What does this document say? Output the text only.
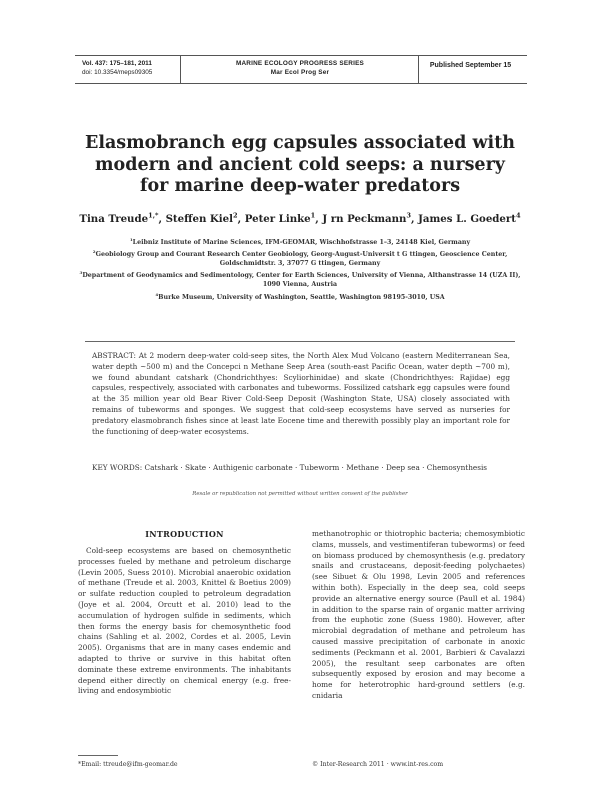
Vol. 437: 175–181, 2011
doi: 10.3354/meps09305
MARINE ECOLOGY PROGRESS SERIES
Mar Ecol Prog Ser
Published September 15
Elasmobranch egg capsules associated with modern and ancient cold seeps: a nursery for marine deep-water predators
Tina Treude$^{1,*}$, Steffen Kiel$^2$, Peter Linke$^1$, J rn Peckmann$^3$, James L. Goedert$^4$
$^1$Leibniz Institute of Marine Sciences, IFM-GEOMAR, Wischhofstrasse 1–3, 24148 Kiel, Germany
$^2$Geobiology Group and Courant Research Center Geobiology, Georg-August-Universit t G ttingen, Geoscience Center, Goldschmidtstr. 3, 37077 G ttingen, Germany
$^3$Department of Geodynamics and Sedimentology, Center for Earth Sciences, University of Vienna, Althanstrasse 14 (UZA II), 1090 Vienna, Austria
$^4$Burke Museum, University of Washington, Seattle, Washington 98195-3010, USA
ABSTRACT: At 2 modern deep-water cold-seep sites, the North Alex Mud Volcano (eastern Mediterranean Sea, water depth ~500 m) and the Concepci n Methane Seep Area (south-east Pacific Ocean, water depth ~700 m), we found abundant catshark (Chondrichthyes: Scyliorhinidae) and skate (Chondrichthyes: Rajidae) egg capsules, respectively, associated with carbonates and tubeworms. Fossilized catshark egg capsules were found at the 35 million year old Bear River Cold-Seep Deposit (Washington State, USA) closely associated with remains of tubeworms and sponges. We suggest that cold-seep ecosystems have served as nurseries for predatory elasmobranch fishes since at least late Eocene time and therewith possibly play an important role for the functioning of deep-water ecosystems.
KEY WORDS: Catshark · Skate · Authigenic carbonate · Tubeworm · Methane · Deep sea · Chemosynthesis
Resale or republication not permitted without written consent of the publisher
INTRODUCTION
Cold-seep ecosystems are based on chemosynthetic processes fueled by methane and petroleum discharge (Levin 2005, Suess 2010). Microbial anaerobic oxidation of methane (Treude et al. 2003, Knittel & Boetius 2009) or sulfate reduction coupled to petroleum degradation (Joye et al. 2004, Orcutt et al. 2010) lead to the accumulation of hydrogen sulfide in sediments, which then forms the energy basis for chemosynthetic food chains (Sahling et al. 2002, Cordes et al. 2005, Levin 2005). Organisms that are in many cases endemic and adapted to thrive or survive in this habitat often dominate these extreme environments. The inhabitants depend either directly on chemical energy (e.g. free-living and endosymbiotic
methanotrophic or thiotrophic bacteria; chemosymbiotic clams, mussels, and vestimentiferan tubeworms) or feed on biomass produced by chemosynthesis (e.g. predatory snails and crustaceans, deposit-feeding polychaetes) (see Sibuet & Olu 1998, Levin 2005 and references within both). Especially in the deep sea, cold seeps provide an alternative energy source (Paull et al. 1984) in addition to the sparse rain of organic matter arriving from the euphotic zone (Suess 1980). However, after microbial degradation of methane and petroleum has caused massive precipitation of carbonate in anoxic sediments (Peckmann et al. 2001, Barbieri & Cavalazzi 2005), the resultant seep carbonates are often subsequently exposed by erosion and may become a home for heterotrophic hard-ground settlers (e.g. cnidaria
*Email: ttreude@ifm-geomar.de	© Inter-Research 2011 · www.int-res.com
